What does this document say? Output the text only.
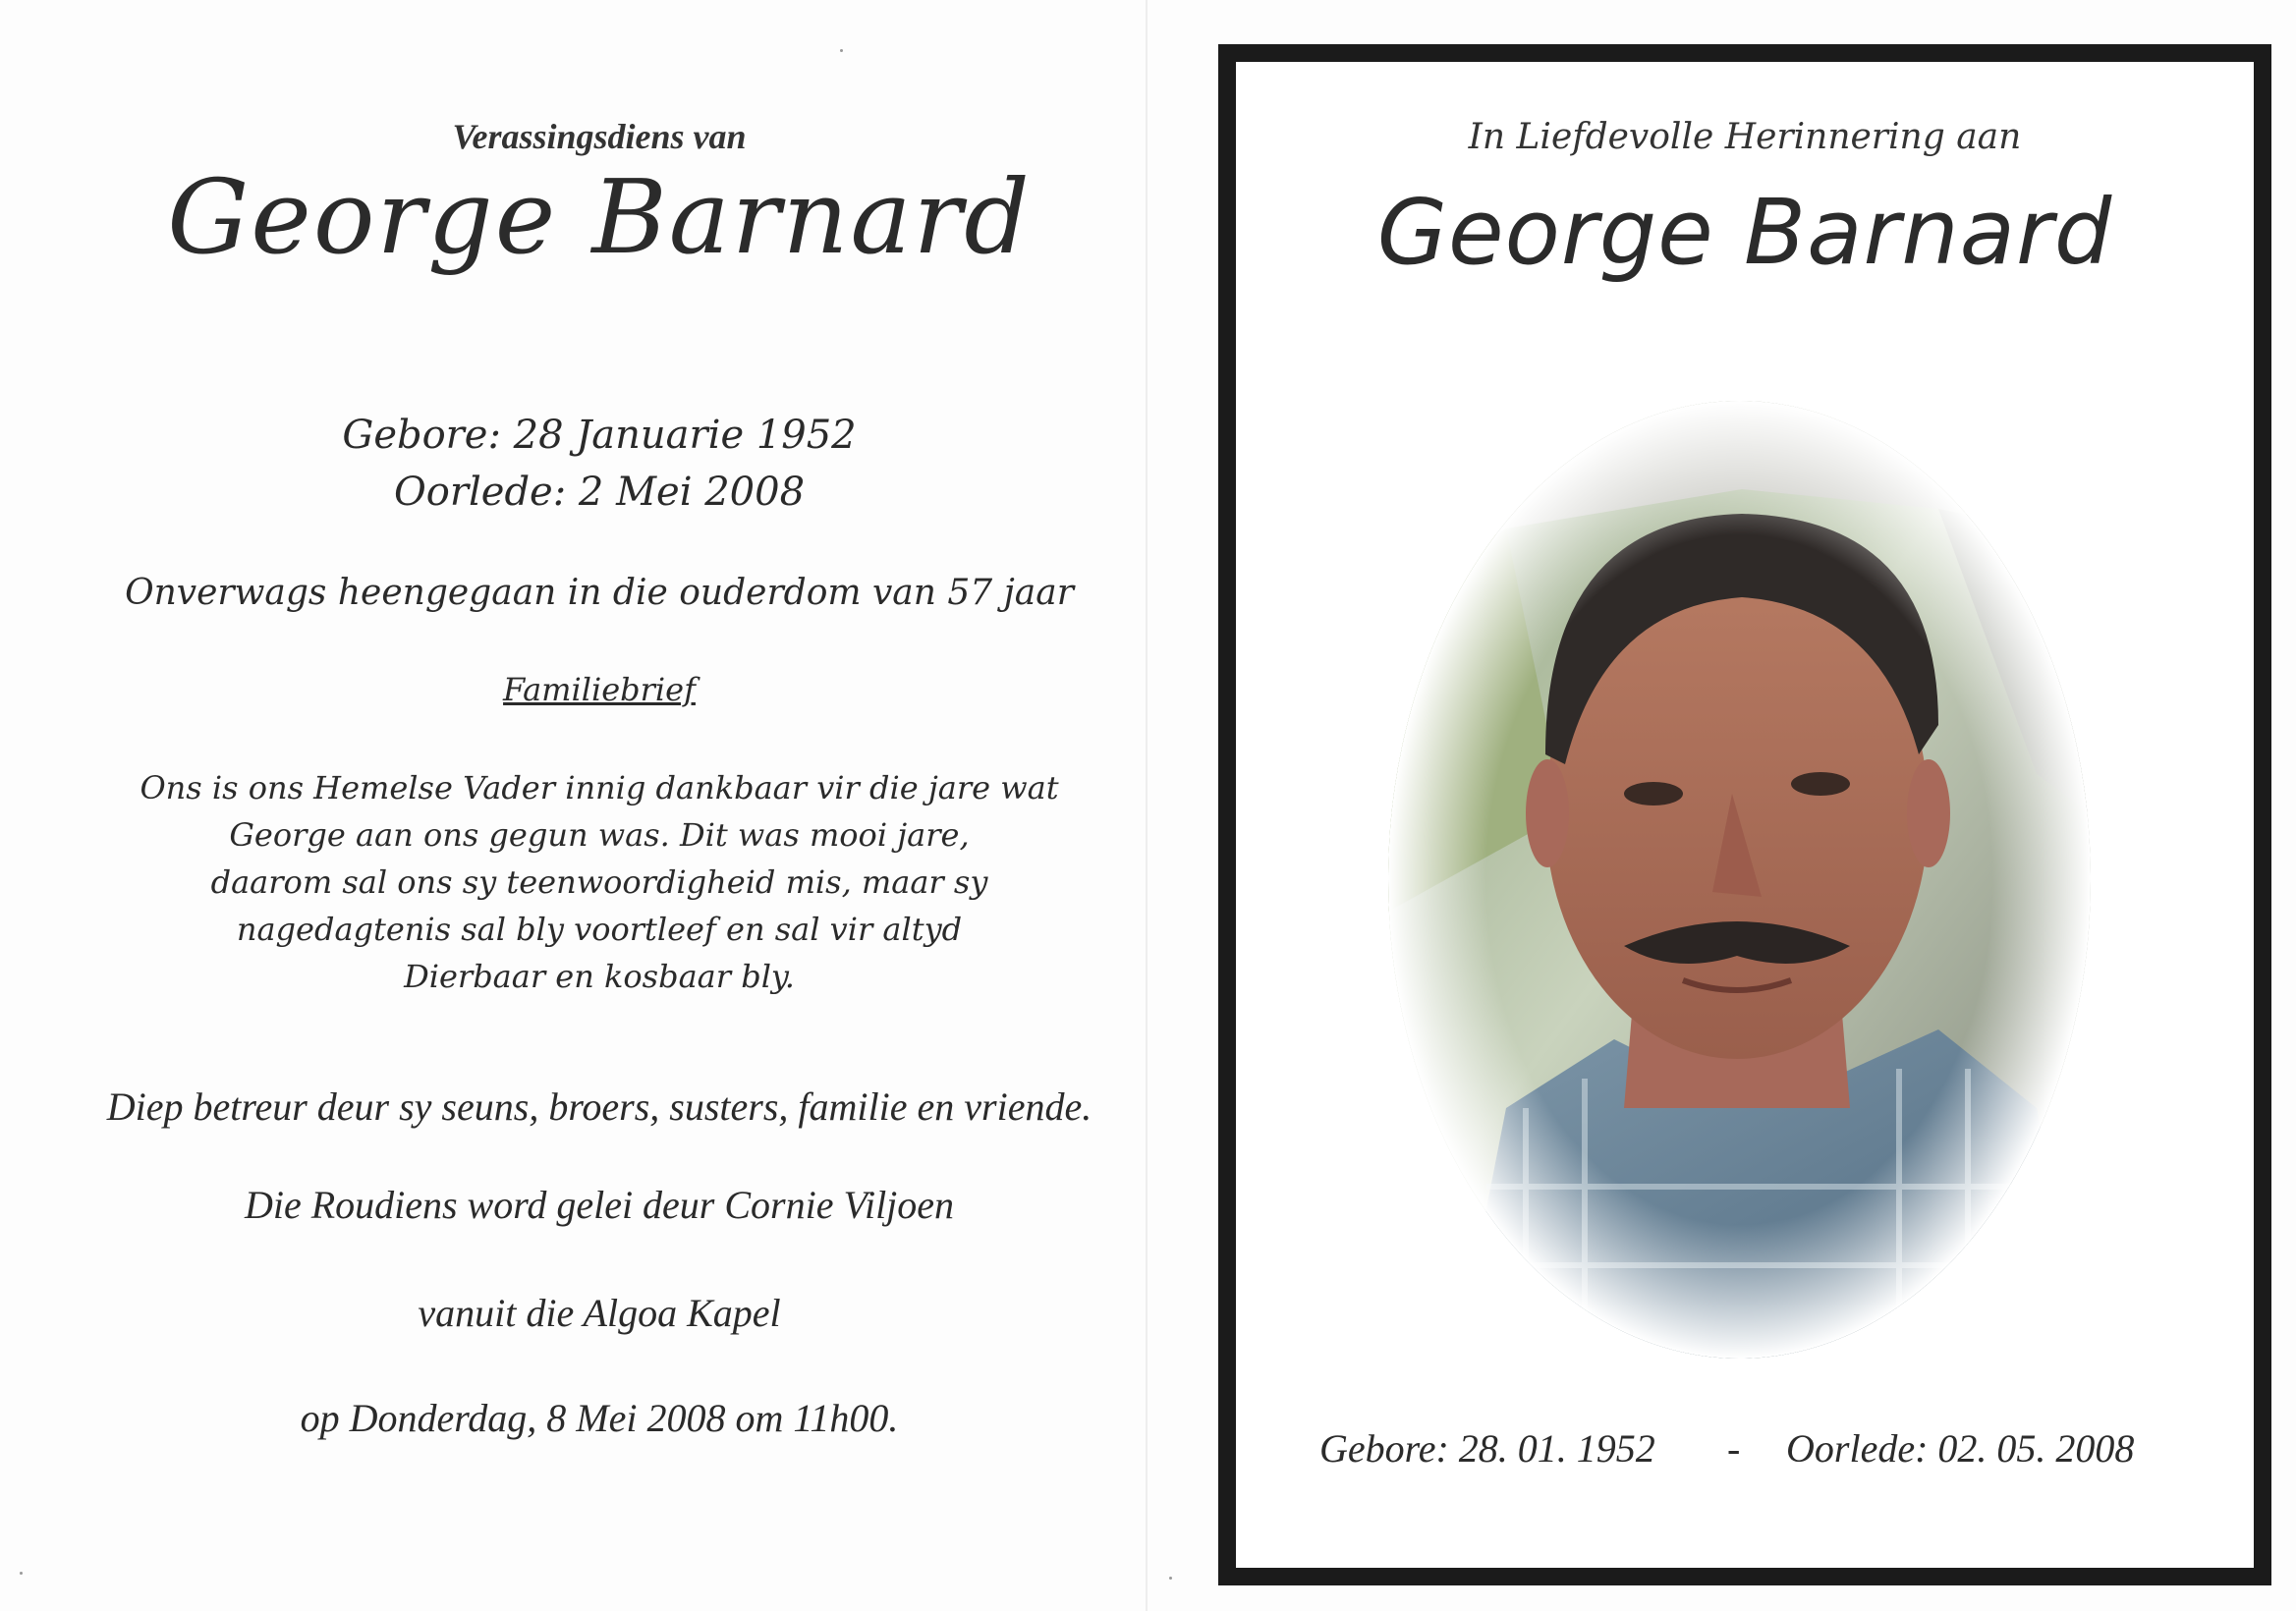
Verassingsdiens van
George Barnard
Gebore: 28 Januarie 1952
Oorlede: 2 Mei 2008
Onverwags heengegaan in die ouderdom van 57 jaar
Familiebrief
Ons is ons Hemelse Vader innig dankbaar vir die jare wat
George aan ons gegun was. Dit was mooi jare,
daarom sal ons sy teenwoordigheid mis, maar sy
nagedagtenis sal bly voortleef en sal vir altyd
Dierbaar en kosbaar bly.
Diep betreur deur sy seuns, broers, susters, familie en vriende.
Die Roudiens word gelei deur Cornie Viljoen
vanuit die Algoa Kapel
op Donderdag, 8 Mei 2008 om 11h00.
In Liefdevolle Herinnering aan
George Barnard
Gebore: 28. 01. 1952 - Oorlede: 02. 05. 2008
